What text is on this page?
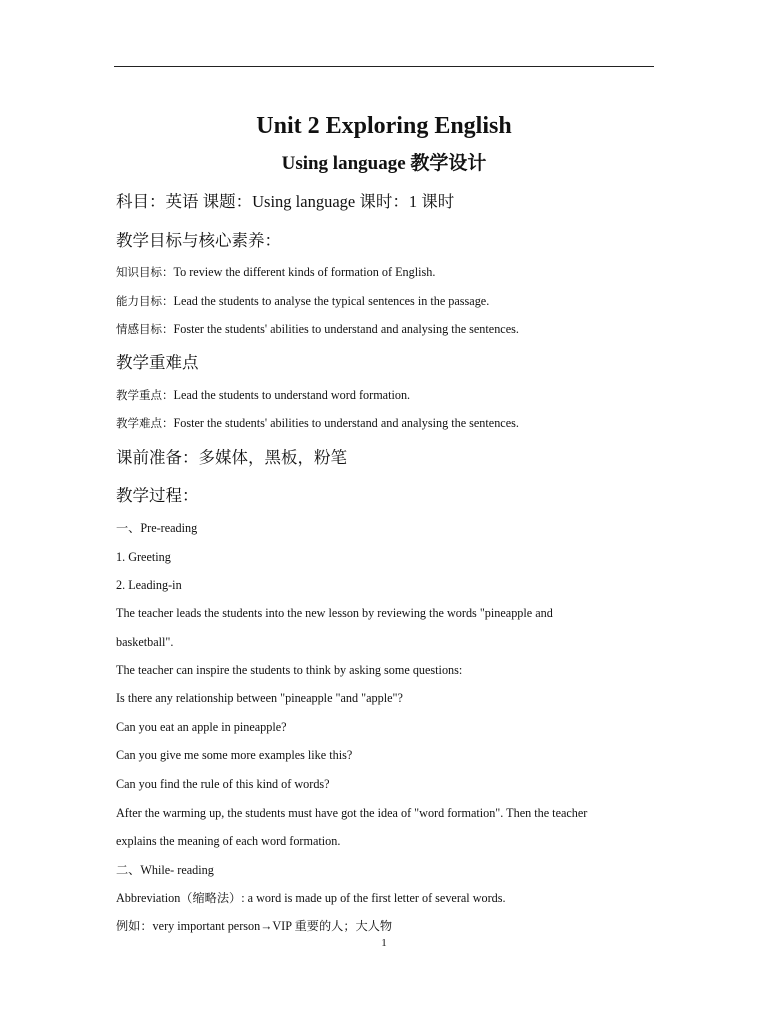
Unit 2 Exploring English
Using language 教学设计
科目：英语 课题：Using language 课时：1 课时
教学目标与核心素养：
知识目标：To review the different kinds of formation of English.
能力目标：Lead the students to analyse the typical sentences in the passage.
情感目标：Foster the students' abilities to understand and analysing the sentences.
教学重难点
教学重点：Lead the students to understand word formation.
教学难点：Foster the students' abilities to understand and analysing the sentences.
课前准备：多媒体，黑板，粉笔
教学过程：
一、Pre-reading
1. Greeting
2. Leading-in
The teacher leads the students into the new lesson by reviewing the words "pineapple and
basketball".
The teacher can inspire the students to think by asking some questions:
Is there any relationship between "pineapple "and "apple"?
Can you eat an apple in pineapple?
Can you give me some more examples like this?
Can you find the rule of this kind of words?
After the warming up, the students must have got the idea of "word formation". Then the teacher
explains the meaning of each word formation.
二、While- reading
Abbreviation（缩略法）: a word is made up of the first letter of several words.
例如：very important person→VIP 重要的人；大人物
1
